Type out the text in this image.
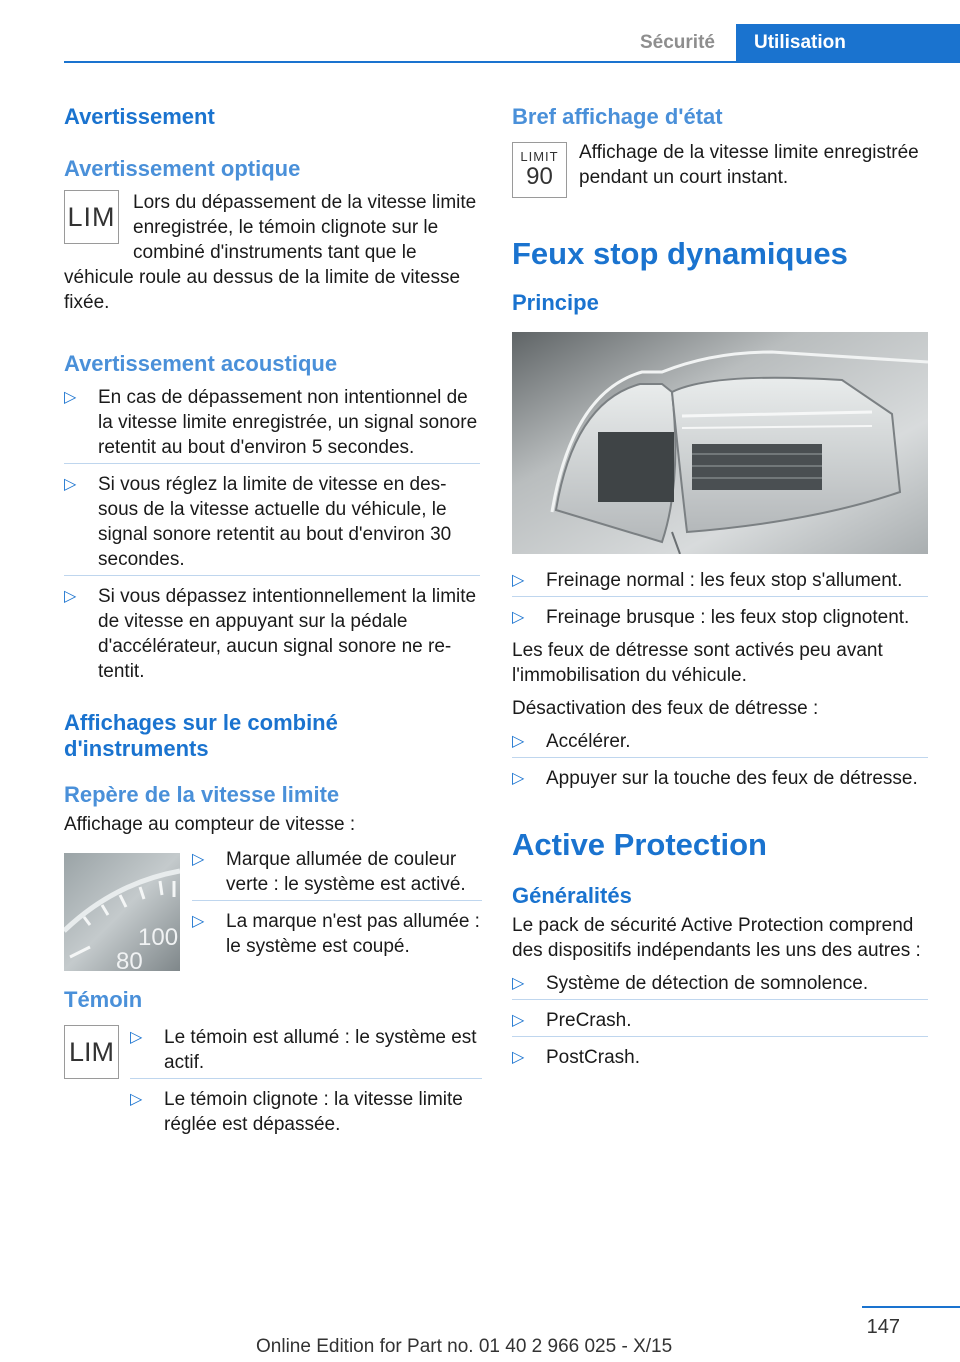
Sécurité	Utilisation
Avertissement
Avertissement optique
LIM Lors du dépassement de la vitesse limite enregistrée, le témoin clignote sur le combiné d'instruments tant que le véhicule roule au dessus de la limite de vitesse fixée.

Avertissement acoustique
▷ En cas de dépassement non intentionnel de la vitesse limite enregistrée, un signal sonore retentit au bout d'environ 5 secondes.
▷ Si vous réglez la limite de vitesse en dessous de la vitesse actuelle du véhicule, le signal sonore retentit au bout d'environ 30 secondes.
▷ Si vous dépassez intentionnellement la limite de vitesse en appuyant sur la pédale d'accélérateur, aucun signal sonore ne retentit.
Affichages sur le combiné d'instruments
Repère de la vitesse limite

Affichage au compteur de vitesse :

100
80
▷ Marque allumée de couleur verte : le système est activé.
▷ La marque n'est pas allumée : le système est coupé.
Témoin
LIM ▷ Le témoin est allumé : le système est actif.
▷ Le témoin clignote : la vitesse limite réglée est dépassée.
Bref affichage d'état
LIMIT
90

Affichage de la vitesse limite enregistrée pendant un court instant.

Feux stop dynamiques
Principe
▷ Freinage normal : les feux stop s'allument.
▷ Freinage brusque : les feux stop clignotent.

Les feux de détresse sont activés peu avant l'immobilisation du véhicule.

Désactivation des feux de détresse :

▷ Accélérer.
▷ Appuyer sur la touche des feux de détresse.
Active Protection
Généralités

Le pack de sécurité Active Protection comprend des dispositifs indépendants les uns des autres :

▷ Système de détection de somnolence.
▷ PreCrash.
▷ PostCrash.
147
Online Edition for Part no. 01 40 2 966 025 - X/15
